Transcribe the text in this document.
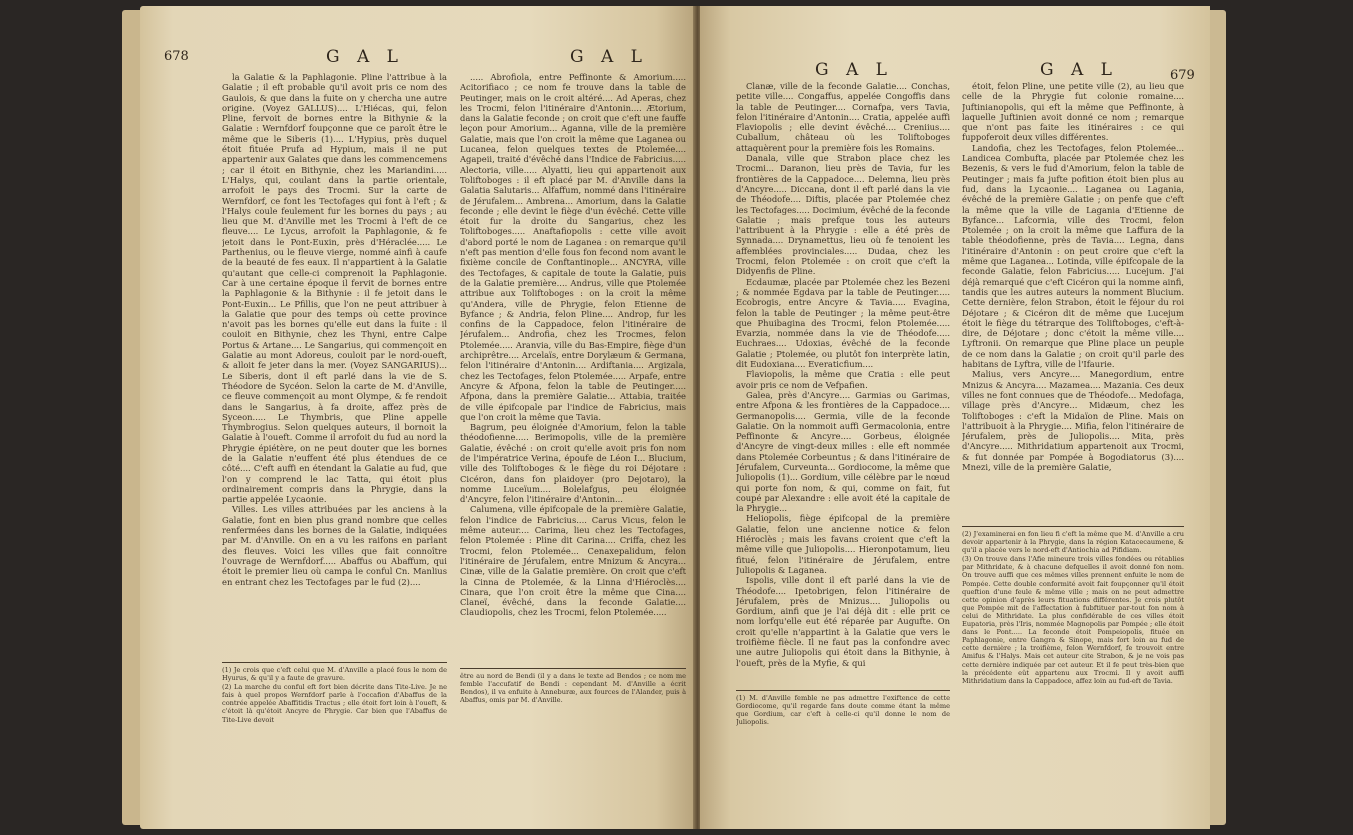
678	G A L	G A L

la Galatie & la Paphlagonie. Pline l'attribue à la Galatie ; il eft probable qu'il avoit pris ce nom des Gaulois, & que dans la fuite on y chercha une autre origine. (Voyez GALLUS).... L'Hiécas, qui, felon Pline, fervoit de bornes entre la Bithynie & la Galatie : Wernfdorf foupçonne que ce paroît être le même que le Siberis (1).... L'Hypius, près duquel étoit fituée Prufa ad Hypium, mais il ne put appartenir aux Galates que dans les commencemens ; car il étoit en Bithynie, chez les Mariandini..... L'Halys, qui, coulant dans la partie orientale, arrofoit le pays des Trocmi. Sur la carte de Wernfdorf, ce font les Tectofages qui font à l'eft ; & l'Halys coule feulement fur les bornes du pays ; au lieu que M. d'Anville met les Trocmi à l'eft de ce fleuve.... Le Lycus, arrofoit la Paphlagonie, & fe jetoit dans le Pont-Euxin, près d'Héraclée..... Le Parthenius, ou le fleuve vierge, nommé ainfi à caufe de la beauté de fes eaux. Il n'appartient à la Galatie qu'autant que celle-ci comprenoit la Paphlagonie. Car à une certaine époque il fervit de bornes entre la Paphlagonie & la Bithynie : il fe jetoit dans le Pont-Euxin... Le Pfillis, que l'on ne peut attribuer à la Galatie que pour des temps où cette province n'avoit pas les bornes qu'elle eut dans la fuite : il couloit en Bithynie, chez les Thyni, entre Calpe Portus & Artane.... Le Sangarius, qui commençoit en Galatie au mont Adoreus, couloit par le nord-oueft, & alloit fe jeter dans la mer. (Voyez SANGARIUS)... Le Siberis, dont il eft parlé dans la vie de S. Théodore de Sycéon. Selon la carte de M. d'Anville, ce fleuve commençoit au mont Olympe, & fe rendoit dans le Sangarius, à fa droite, affez près de Syceon..... Le Thymbris, que Pline appelle Thymbrogius. Selon quelques auteurs, il bornoit la Galatie à l'oueft. Comme il arrofoit du fud au nord la Phrygie épiétère, on ne peut douter que les bornes de la Galatie n'euffent été plus étendues de ce côté.... C'eft auffi en étendant la Galatie au fud, que l'on y comprend le lac Tatta, qui étoit plus ordinairement compris dans la Phrygie, dans la partie appelée Lycaonie.

Villes. Les villes attribuées par les anciens à la Galatie, font en bien plus grand nombre que celles renfermées dans les bornes de la Galatie, indiquées par M. d'Anville. On en a vu les raifons en parlant des fleuves. Voici les villes que fait connoître l'ouvrage de Wernfdorf..... Abaffus ou Abaffum, qui étoit le premier lieu où campa le conful Cn. Manlius en entrant chez les Tectofages par le fud (2)....

..... Abrofiola, entre Peffinonte & Amorium..... Acitorifiaco ; ce nom fe trouve dans la table de Peutinger, mais on le croit altéré.... Ad Aperas, chez les Trocmi, felon l'itinéraire d'Antonin.... Ætorium, dans la Galatie feconde ; on croit que c'eft une fauffe leçon pour Amorium... Aganna, ville de la première Galatie, mais que l'on croit la même que Laganea ou Lucanea, felon quelques textes de Ptolemée.... Agapeii, traité d'évêché dans l'Indice de Fabricius..... Alectoria, ville..... Alyatti, lieu qui appartenoit aux Toliftoboges : il eft placé par M. d'Anville dans la Galatia Salutaris... Alfaffum, nommé dans l'itinéraire de Jérufalem... Ambrena... Amorium, dans la Galatie feconde ; elle devint le fiège d'un évêché. Cette ville étoit fur la droite du Sangarius, chez les Toliftoboges..... Anaftafiopolis : cette ville avoit d'abord porté le nom de Laganea : on remarque qu'il n'eft pas mention d'elle fous fon fecond nom avant le fixième concile de Conftantinople... ANCYRA, ville des Tectofages, & capitale de toute la Galatie, puis de la Galatie première.... Andrus, ville que Ptolemée attribue aux Toliftoboges : on la croit la même qu'Andera, ville de Phrygie, felon Etienne de Byfance ; & Andria, felon Pline.... Androp, fur les confins de la Cappadoce, felon l'itinéraire de Jérufalem... Androfia, chez les Trocmes, felon Ptolemée..... Aranvia, ville du Bas-Empire, fiège d'un archiprêtre.... Arcelaïs, entre Dorylæum & Germana, felon l'itinéraire d'Antonin.... Ardiftania.... Argizala, chez les Tectofages, felon Ptolemée..... Arpafe, entre Ancyre & Afpona, felon la table de Peutinger..... Afpona, dans la première Galatie... Attabia, traitée de ville épifcopale par l'indice de Fabricius, mais que l'on croit la même que Tavia.

Bagrum, peu éloignée d'Amorium, felon la table théodofienne..... Berimopolis, ville de la première Galatie, évêché : on croit qu'elle avoit pris fon nom de l'impératrice Verina, époufe de Léon I... Blucium, ville des Toliftoboges & le fiège du roi Déjotare : Cicéron, dans fon plaidoyer (pro Dejotaro), la nomme Luceïum.... Bolelafgus, peu éloignée d'Ancyre, felon l'itinéraire d'Antonin...

Calumena, ville épifcopale de la première Galatie, felon l'indice de Fabricius.... Carus Vicus, felon le même auteur.... Carima, lieu chez les Tectofages, felon Ptolemée : Pline dit Carina.... Criffa, chez les Trocmi, felon Ptolemée... Cenaxepalidum, felon l'itinéraire de Jérufalem, entre Mnizum & Ancyra... Cinæ, ville de la Galatie première. On croit que c'eft la Cinna de Ptolemée, & la Linna d'Hiéroclès.... Cinara, que l'on croit être la même que Cina.... Claneï, évêché, dans la feconde Galatie.... Claudiopolis, chez les Trocmi, felon Ptolemée.....

(1) Je crois que c'eft celui que M. d'Anville a placé fous le nom de Hyurus, & qu'il y a faute de gravure.

(2) La marche du conful eft fort bien décrite dans Tite-Live. Je ne fais à quel propos Wernfdorf parle à l'occafion d'Abaffus de la contrée appelée Abaffitidis Tractus ; elle étoit fort loin à l'oueft, & c'étoit là qu'étoit Ancyre de Phrygie. Car bien que l'Abaffus de Tite-Live devoit

être au nord de Bendi (il y a dans le texte ad Bendos ; ce nom me femble l'accufatif de Bendi : cependant M. d'Anville a écrit Bendos), il va enfuite à Anneburæ, aux fources de l'Alander, puis à Abaffus, omis par M. d'Anville.

G A L	G A L	679

Clanæ, ville de la feconde Galatie.... Conchas, petite ville.... Congaffus, appelée Congoffis dans la table de Peutinger.... Cornafpa, vers Tavia, felon l'itinéraire d'Antonin.... Cratia, appelée auffi Flaviopolis ; elle devint évêché.... Creniius.... Cuballum, château où les Toliftoboges attaquèrent pour la première fois les Romains.

Danala, ville que Strabon place chez les Trocmi... Daranon, lieu près de Tavia, fur les frontières de la Cappadoce.... Delemna, lieu près d'Ancyre..... Diccana, dont il eft parlé dans la vie de Théodofe.... Diftis, placée par Ptolemée chez les Tectofages..... Docimium, évêché de la feconde Galatie ; mais prefque tous les auteurs l'attribuent à la Phrygie : elle a été près de Synnada.... Drynamettus, lieu où fe tenoient les affemblées provinciales..... Dudaa, chez les Trocmi, felon Ptolemée : on croit que c'eft la Didyenfis de Pline.

Ecdaumæ, placée par Ptolemée chez les Bezeni ; & nommée Egdava par la table de Peutinger..... Ecobrogis, entre Ancyre & Tavia..... Evagina, felon la table de Peutinger ; la même peut-être que Phuibagina des Trocmi, felon Ptolemée..... Evarzia, nommée dans la vie de Théodofe..... Euchraes.... Udoxias, évêché de la feconde Galatie ; Ptolemée, ou plutôt fon interprète latin, dit Eudoxiana.... Everaticfium....

Flaviopolis, la même que Cratia : elle peut avoir pris ce nom de Vefpafien.

Galea, près d'Ancyre.... Garmias ou Garimas, entre Afpona & les frontières de la Cappadoce.... Germanopolis.... Germia, ville de la feconde Galatie. On la nommoit auffi Germacolonia, entre Peffinonte & Ancyre.... Gorbeus, éloignée d'Ancyre de vingt-deux milles : elle eft nommée dans Ptolemée Corbeuntus ; & dans l'itinéraire de Jérufalem, Curveunta... Gordiocome, la même que Juliopolis (1)... Gordium, ville célèbre par le nœud qui porte fon nom, & qui, comme on fait, fut coupé par Alexandre : elle avoit été la capitale de la Phrygie...

Heliopolis, fiège épifcopal de la première Galatie, felon une ancienne notice & felon Hiéroclès ; mais les favans croient que c'eft la même ville que Juliopolis.... Hieronpotamum, lieu fitué, felon l'itinéraire de Jérufalem, entre Juliopolis & Laganea.

Ispolis, ville dont il eft parlé dans la vie de Théodofe.... Ipetobrigen, felon l'itinéraire de Jérufalem, près de Mnizus.... Juliopolis ou Gordium, ainfi que je l'ai déjà dit : elle prit ce nom lorfqu'elle eut été réparée par Augufte. On croit qu'elle n'appartint à la Galatie que vers le troifième fiècle. Il ne faut pas la confondre avec une autre Juliopolis qui étoit dans la Bithynie, à l'oueft, près de la Myfie, & qui

étoit, felon Pline, une petite ville (2), au lieu que celle de la Phrygie fut colonie romaine.... Juftinianopolis, qui eft la même que Peffinonte, à laquelle Juftinien avoit donné ce nom ; remarque que n'ont pas faite les itinéraires : ce qui fuppoferoit deux villes différentes.

Landofia, chez les Tectofages, felon Ptolemée... Landicea Combufta, placée par Ptolemée chez les Bezenis, & vers le fud d'Amorium, felon la table de Peutinger ; mais fa jufte pofition étoit bien plus au fud, dans la Lycaonie.... Laganea ou Lagania, évêché de la première Galatie ; on penfe que c'eft la même que la ville de Lagania d'Etienne de Byfance... Lafcornia, ville des Trocmi, felon Ptolemée ; on la croit la même que Laffura de la table théodofienne, près de Tavia.... Legna, dans l'itinéraire d'Antonin : on peut croire que c'eft la même que Laganea... Lotinda, ville épifcopale de la feconde Galatie, felon Fabricius..... Lucejum. J'ai déjà remarqué que c'eft Cicéron qui la nomme ainfi, tandis que les autres auteurs la nomment Blucium. Cette dernière, felon Strabon, étoit le féjour du roi Déjotare ; & Cicéron dit de même que Lucejum étoit le fiège du tétrarque des Toliftoboges, c'eft-à-dire, de Déjotare ; donc c'étoit la même ville.... Lyftronii. On remarque que Pline place un peuple de ce nom dans la Galatie ; on croit qu'il parle des habitans de Lyftra, ville de l'Ifaurie.

Malius, vers Ancyre.... Manegordium, entre Mnizus & Ancyra.... Mazamea.... Mazania. Ces deux villes ne font connues que de Théodofe... Medofaga, village près d'Ancyre... Midæum, chez les Toliftoboges : c'eft la Midaïon de Pline. Mais on l'attribuoit à la Phrygie.... Mifia, felon l'itinéraire de Jérufalem, près de Juliopolis.... Mita, près d'Ancyre..... Mithridatium appartenoit aux Trocmi, & fut donnée par Pompée à Bogodiatorus (3).... Mnezi, ville de la première Galatie,

(1) M. d'Anville femble ne pas admettre l'exiftence de cette Gordiocome, qu'il regarde fans doute comme étant la même que Gordium, car c'eft à celle-ci qu'il donne le nom de Juliopolis.

(2) J'examinerai en fon lieu fi c'eft la même que M. d'Anville a cru devoir appartenir à la Phrygie, dans la région Katacecaumene, & qu'il a placée vers le nord-eft d'Antiochia ad Pifidiam.

(3) On trouve dans l'Afie mineure trois villes fondées ou rétablies par Mithridate, & à chacune defquelles il avoit donné fon nom. On trouve auffi que ces mêmes villes prennent enfuite le nom de Pompée. Cette double conformité avoit fait foupçonner qu'il étoit queftion d'une feule & même ville ; mais on ne peut admettre cette opinion d'après leurs fituations différentes. Je crois plutôt que Pompée mit de l'affectation à fubftituer par-tout fon nom à celui de Mithridate. La plus confidérable de ces villes étoit Eupatoria, près l'Iris, nommée Magnopolis par Pompée ; elle étoit dans le Pont..... La feconde étoit Pompeiopolis, fituée en Paphlagonie, entre Gangra & Sinope, mais fort loin au fud de cette dernière ; la troifième, felon Wernfdorf, fe trouvoit entre Amifus & l'Halys. Mais cet auteur cite Strabon, & je ne vois pas cette dernière indiquée par cet auteur. Et il fe peut très-bien que la précédente eût appartenu aux Trocmi. Il y avoit auffi Mithridatium dans la Cappadoce, affez loin au fud-eft de Tavia.
